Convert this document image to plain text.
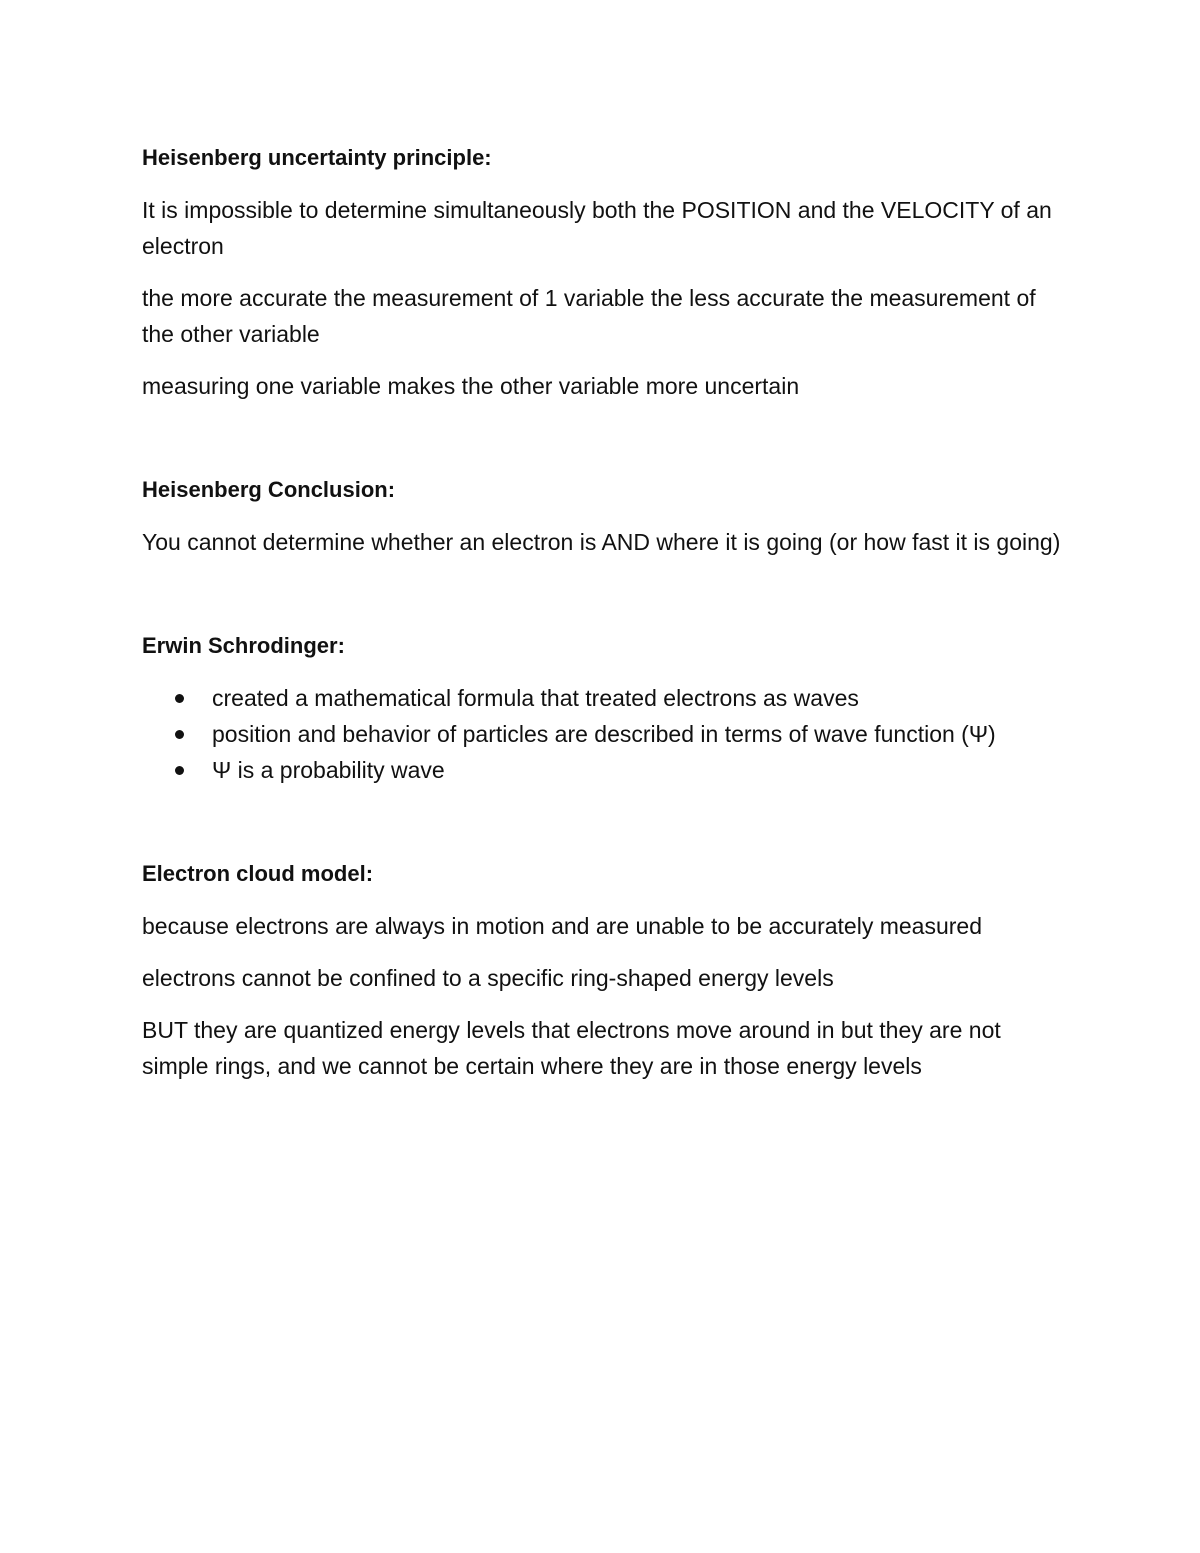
Heisenberg uncertainty principle:
It is impossible to determine simultaneously both the POSITION and the VELOCITY of an electron
the more accurate the measurement of 1 variable the less accurate the measurement of the other variable
measuring one variable makes the other variable more uncertain
Heisenberg Conclusion:
You cannot determine whether an electron is AND where it is going (or how fast it is going)
Erwin Schrodinger:
created a mathematical formula that treated electrons as waves
position and behavior of particles are described in terms of wave function (Ψ)
Ψ is a probability wave
Electron cloud model:
because electrons are always in motion and are unable to be accurately measured
electrons cannot be confined to a specific ring-shaped energy levels
BUT they are quantized energy levels that electrons move around in but they are not simple rings, and we cannot be certain where they are in those energy levels
